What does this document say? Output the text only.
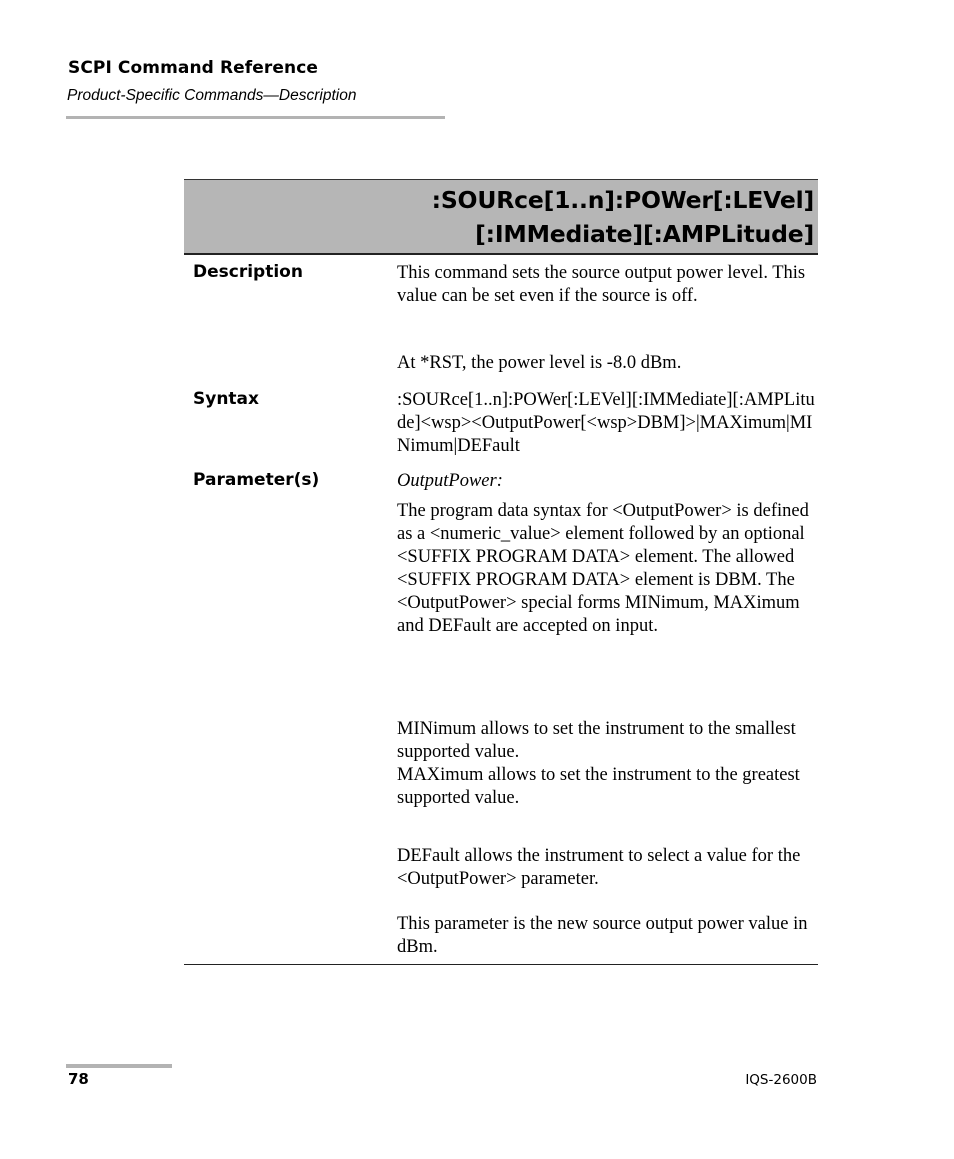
SCPI Command Reference
Product-Specific Commands—Description
:SOURce[1..n]:POWer[:LEVel]
[:IMMediate][:AMPLitude]
Description	This command sets the source output power level. This value can be set even if the source is off.
At *RST, the power level is -8.0 dBm.
Syntax	:SOURce[1..n]:POWer[:LEVel][:IMMediate][:AMPLitude]<wsp><OutputPower[<wsp>DBM]>|MAXimum|MINimum|DEFault
Parameter(s)	OutputPower:
The program data syntax for <OutputPower> is defined as a <numeric_value> element followed by an optional <SUFFIX PROGRAM DATA> element. The allowed <SUFFIX PROGRAM DATA> element is DBM. The <OutputPower> special forms MINimum, MAXimum and DEFault are accepted on input.
MINimum allows to set the instrument to the smallest supported value.
MAXimum allows to set the instrument to the greatest supported value.
DEFault allows the instrument to select a value for the <OutputPower> parameter.
This parameter is the new source output power value in dBm.
78	IQS-2600B
